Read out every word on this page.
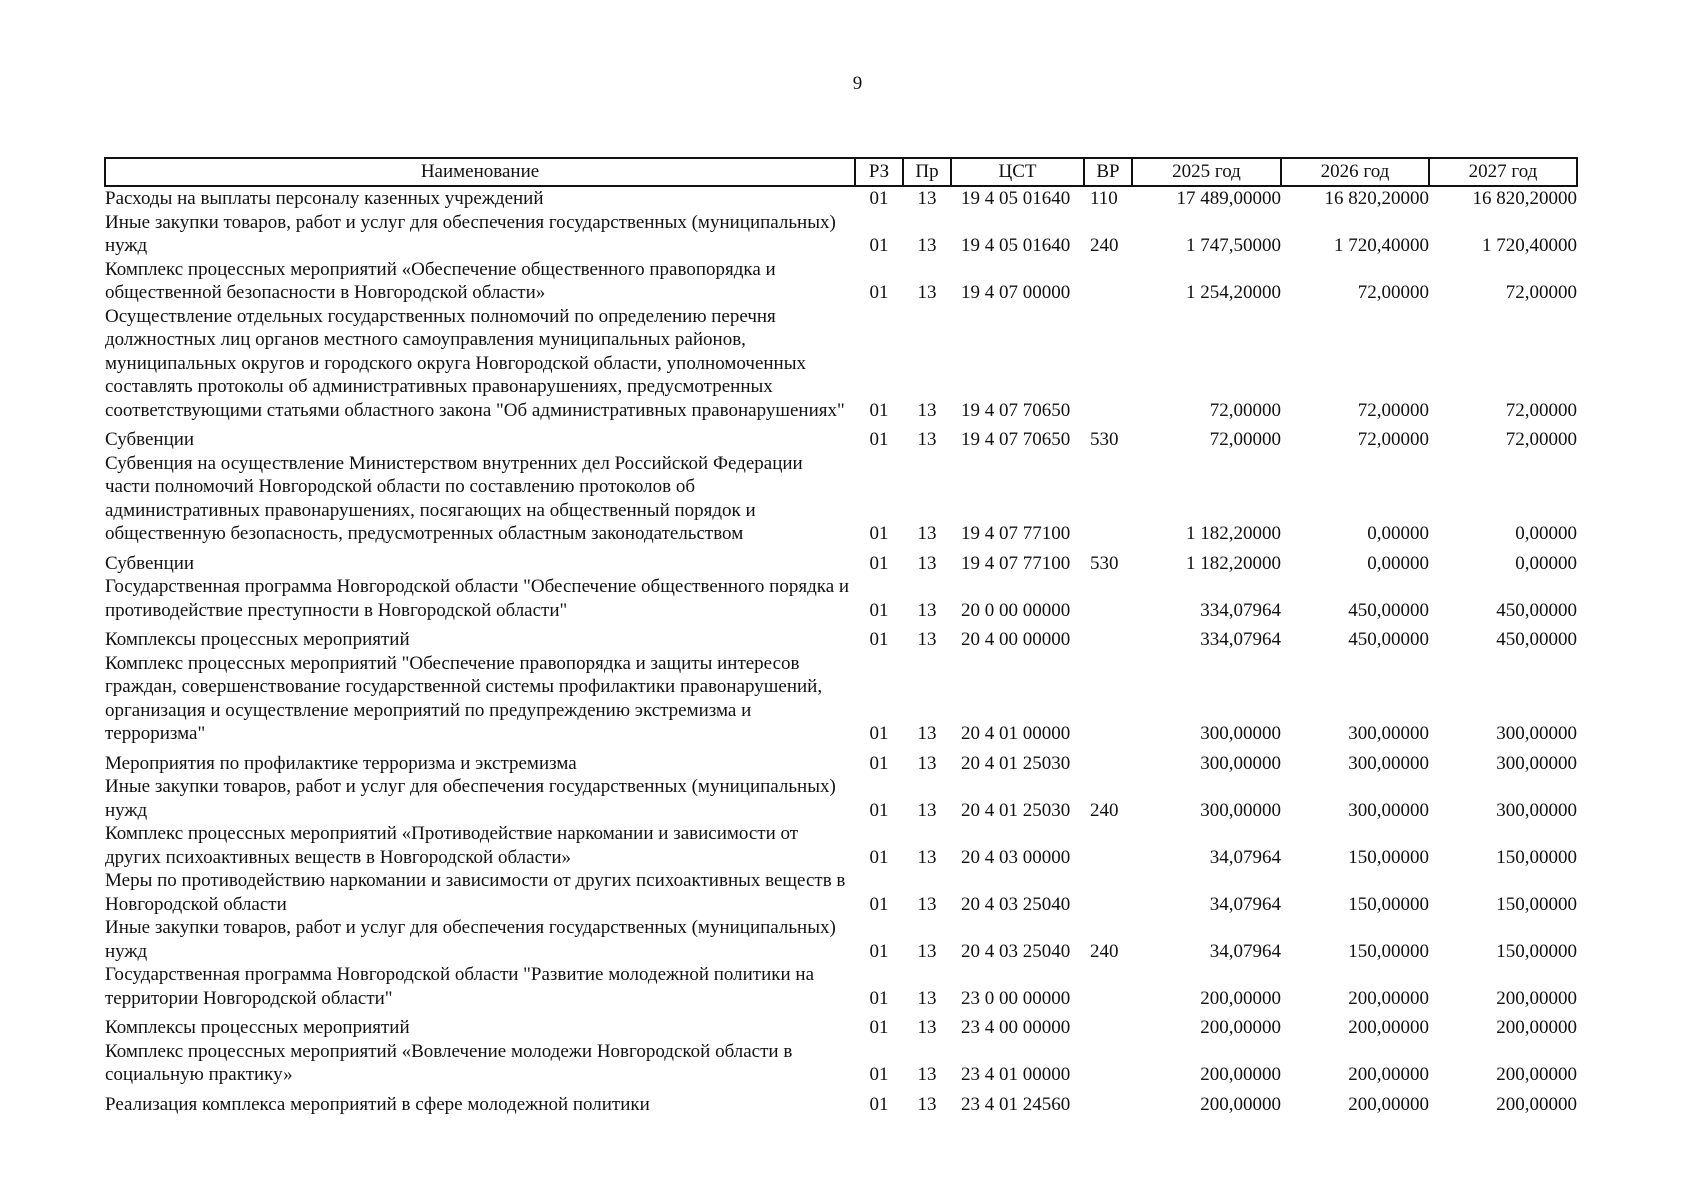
9
Наименование	РЗ	Пр	ЦСТ	ВР	2025 год	2026 год	2027 год
Расходы на выплаты персоналу казенных учреждений	01	13	19 4 05 01640	110	17 489,00000	16 820,20000	16 820,20000
Иные закупки товаров, работ и услуг для обеспечения государственных (муниципальных) нужд	01	13	19 4 05 01640	240	1 747,50000	1 720,40000	1 720,40000
Комплекс процессных мероприятий «Обеспечение общественного правопорядка и общественной безопасности в Новгородской области»	01	13	19 4 07 00000		1 254,20000	72,00000	72,00000
Осуществление отдельных государственных полномочий по определению перечня должностных лиц органов местного самоуправления муниципальных районов, муниципальных округов и городского округа Новгородской области, уполномоченных составлять протоколы об административных правонарушениях, предусмотренных соответствующими статьями областного закона "Об административных правонарушениях"	01	13	19 4 07 70650		72,00000	72,00000	72,00000
Субвенции	01	13	19 4 07 70650	530	72,00000	72,00000	72,00000
Субвенция на осуществление Министерством внутренних дел Российской Федерации части полномочий Новгородской области по составлению протоколов об административных правонарушениях, посягающих на общественный порядок и общественную безопасность, предусмотренных областным законодательством	01	13	19 4 07 77100		1 182,20000	0,00000	0,00000
Субвенции	01	13	19 4 07 77100	530	1 182,20000	0,00000	0,00000
Государственная программа Новгородской области "Обеспечение общественного порядка и противодействие преступности в Новгородской области"	01	13	20 0 00 00000		334,07964	450,00000	450,00000
Комплексы процессных мероприятий	01	13	20 4 00 00000		334,07964	450,00000	450,00000
Комплекс процессных мероприятий "Обеспечение правопорядка и защиты интересов граждан, совершенствование государственной системы профилактики правонарушений, организация и осуществление мероприятий по предупреждению экстремизма и терроризма"	01	13	20 4 01 00000		300,00000	300,00000	300,00000
Мероприятия по профилактике терроризма и экстремизма	01	13	20 4 01 25030		300,00000	300,00000	300,00000
Иные закупки товаров, работ и услуг для обеспечения государственных (муниципальных) нужд	01	13	20 4 01 25030	240	300,00000	300,00000	300,00000
Комплекс процессных мероприятий «Противодействие наркомании и зависимости от других психоактивных веществ в Новгородской области»	01	13	20 4 03 00000		34,07964	150,00000	150,00000
Меры по противодействию наркомании и зависимости от других психоактивных веществ в Новгородской области	01	13	20 4 03 25040		34,07964	150,00000	150,00000
Иные закупки товаров, работ и услуг для обеспечения государственных (муниципальных) нужд	01	13	20 4 03 25040	240	34,07964	150,00000	150,00000
Государственная программа Новгородской области "Развитие молодежной политики на территории Новгородской области"	01	13	23 0 00 00000		200,00000	200,00000	200,00000
Комплексы процессных мероприятий	01	13	23 4 00 00000		200,00000	200,00000	200,00000
Комплекс процессных мероприятий «Вовлечение молодежи Новгородской области в социальную практику»	01	13	23 4 01 00000		200,00000	200,00000	200,00000
Реализация комплекса мероприятий в сфере молодежной политики	01	13	23 4 01 24560		200,00000	200,00000	200,00000
